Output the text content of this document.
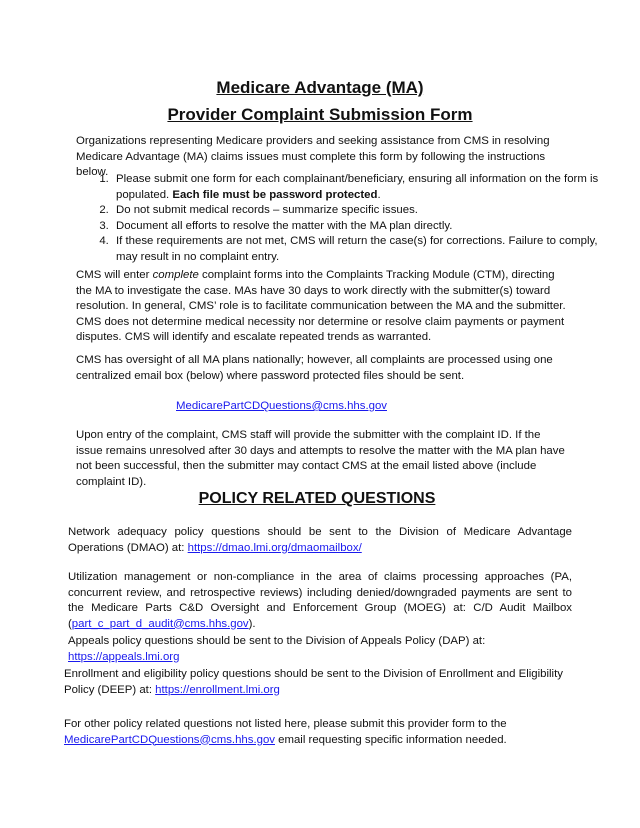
Medicare Advantage (MA)
Provider Complaint Submission Form

Organizations representing Medicare providers and seeking assistance from CMS in resolving Medicare Advantage (MA) claims issues must complete this form by following the instructions below.

1. Please submit one form for each complainant/beneficiary, ensuring all information on the form is populated. Each file must be password protected.
2. Do not submit medical records – summarize specific issues.
3. Document all efforts to resolve the matter with the MA plan directly.
4. If these requirements are not met, CMS will return the case(s) for corrections. Failure to comply, may result in no complaint entry.

CMS will enter complete complaint forms into the Complaints Tracking Module (CTM), directing the MA to investigate the case. MAs have 30 days to work directly with the submitter(s) toward resolution. In general, CMS’ role is to facilitate communication between the MA and the submitter. CMS does not determine medical necessity nor determine or resolve claim payments or payment disputes. CMS will identify and escalate repeated trends as warranted.

CMS has oversight of all MA plans nationally; however, all complaints are processed using one centralized email box (below) where password protected files should be sent.

MedicarePartCDQuestions@cms.hhs.gov

Upon entry of the complaint, CMS staff will provide the submitter with the complaint ID. If the issue remains unresolved after 30 days and attempts to resolve the matter with the MA plan have not been successful, then the submitter may contact CMS at the email listed above (include complaint ID).

POLICY RELATED QUESTIONS

Network adequacy policy questions should be sent to the Division of Medicare Advantage Operations (DMAO) at: https://dmao.lmi.org/dmaomailbox/

Utilization management or non-compliance in the area of claims processing approaches (PA, concurrent review, and retrospective reviews) including denied/downgraded payments are sent to the Medicare Parts C&D Oversight and Enforcement Group (MOEG) at: C/D Audit Mailbox (part_c_part_d_audit@cms.hhs.gov).

Appeals policy questions should be sent to the Division of Appeals Policy (DAP) at: https://appeals.lmi.org

Enrollment and eligibility policy questions should be sent to the Division of Enrollment and Eligibility Policy (DEEP) at: https://enrollment.lmi.org

For other policy related questions not listed here, please submit this provider form to the MedicarePartCDQuestions@cms.hhs.gov email requesting specific information needed.
